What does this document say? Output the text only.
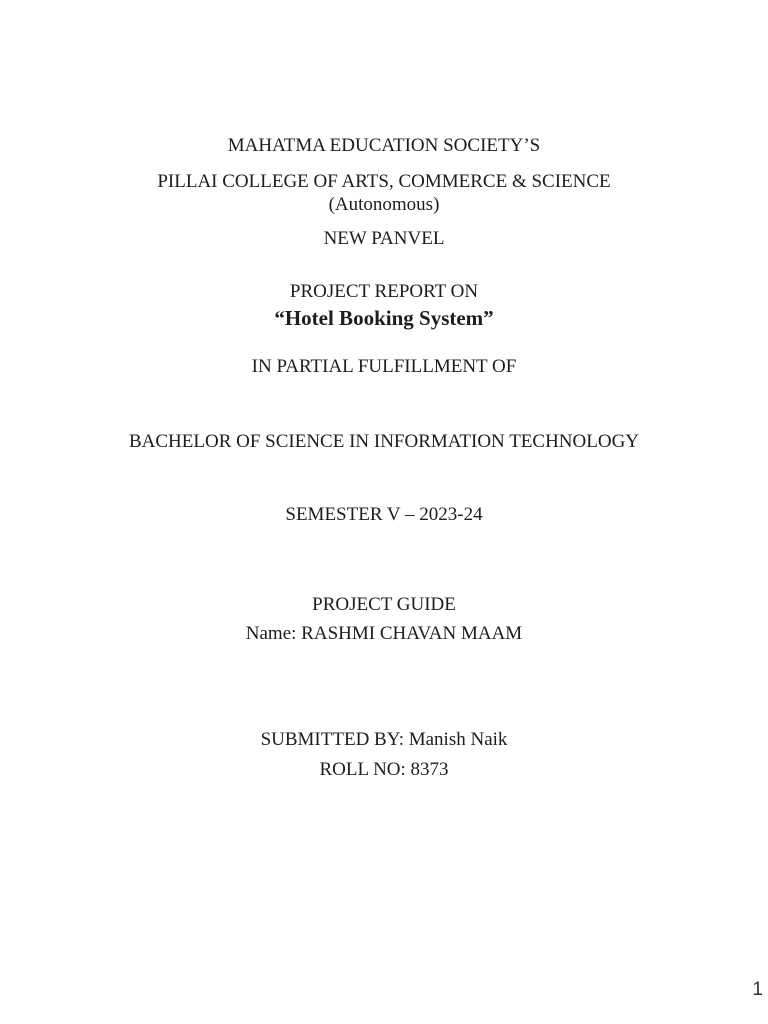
MAHATMA EDUCATION SOCIETY’S
PILLAI COLLEGE OF ARTS, COMMERCE & SCIENCE
(Autonomous)
NEW PANVEL
PROJECT REPORT ON
“Hotel Booking System”
IN PARTIAL FULFILLMENT OF
BACHELOR OF SCIENCE IN INFORMATION TECHNOLOGY
SEMESTER V – 2023-24
PROJECT GUIDE
Name: RASHMI CHAVAN MAAM
SUBMITTED BY: Manish Naik
ROLL NO: 8373
1
